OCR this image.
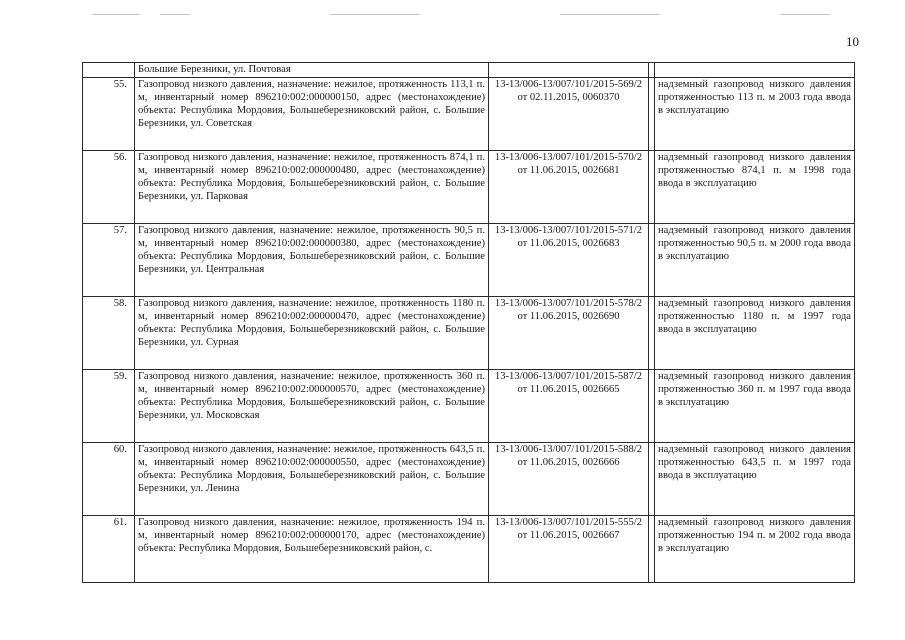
10
	Большие Березники, ул. Почтовая			
55.	Газопровод низкого давления, назначение: нежилое, протяженность 113,1 п. м, инвентарный номер 896210:002:000000150, адрес (местонахождение) объекта: Республика Мордовия, Большеберезниковский район, с. Большие Березники, ул. Советская	13-13/006-13/007/101/2015-569/2 от 02.11.2015, 0060370		надземный газопровод низкого давления протяженностью 113 п. м 2003 года ввода в эксплуатацию
56.	Газопровод низкого давления, назначение: нежилое, протяженность 874,1 п. м, инвентарный номер 896210:002:000000480, адрес (местонахождение) объекта: Республика Мордовия, Большеберезниковский район, с. Большие Березники, ул. Парковая	13-13/006-13/007/101/2015-570/2 от 11.06.2015, 0026681		надземный газопровод низкого давления протяженностью 874,1 п. м 1998 года ввода в эксплуатацию
57.	Газопровод низкого давления, назначение: нежилое, протяженность 90,5 п. м, инвентарный номер 896210:002:000000380, адрес (местонахождение) объекта: Республика Мордовия, Большеберезниковский район, с. Большие Березники, ул. Центральная	13-13/006-13/007/101/2015-571/2 от 11.06.2015, 0026683		надземный газопровод низкого давления протяженностью 90,5 п. м 2000 года ввода в эксплуатацию
58.	Газопровод низкого давления, назначение: нежилое, протяженность 1180 п. м, инвентарный номер 896210:002:000000470, адрес (местонахождение) объекта: Республика Мордовия, Большеберезниковский район, с. Большие Березники, ул. Сурная	13-13/006-13/007/101/2015-578/2 от 11.06.2015, 0026690		надземный газопровод низкого давления протяженностью 1180 п. м 1997 года ввода в эксплуатацию
59.	Газопровод низкого давления, назначение: нежилое, протяженность 360 п. м, инвентарный номер 896210:002:000000570, адрес (местонахождение) объекта: Республика Мордовия, Большеберезниковский район, с. Большие Березники, ул. Московская	13-13/006-13/007/101/2015-587/2 от 11.06.2015, 0026665		надземный газопровод низкого давления протяженностью 360 п. м 1997 года ввода в эксплуатацию
60.	Газопровод низкого давления, назначение: нежилое, протяженность 643,5 п. м, инвентарный номер 896210:002:000000550, адрес (местонахождение) объекта: Республика Мордовия, Большеберезниковский район, с. Большие Березники, ул. Ленина	13-13/006-13/007/101/2015-588/2 от 11.06.2015, 0026666		надземный газопровод низкого давления протяженностью 643,5 п. м 1997 года ввода в эксплуатацию
61.	Газопровод низкого давления, назначение: нежилое, протяженность 194 п. м, инвентарный номер 896210:002:000000170, адрес (местонахождение) объекта: Республика Мордовия, Большеберезниковский район, с.	13-13/006-13/007/101/2015-555/2 от 11.06.2015, 0026667		надземный газопровод низкого давления протяженностью 194 п. м 2002 года ввода в эксплуатацию
